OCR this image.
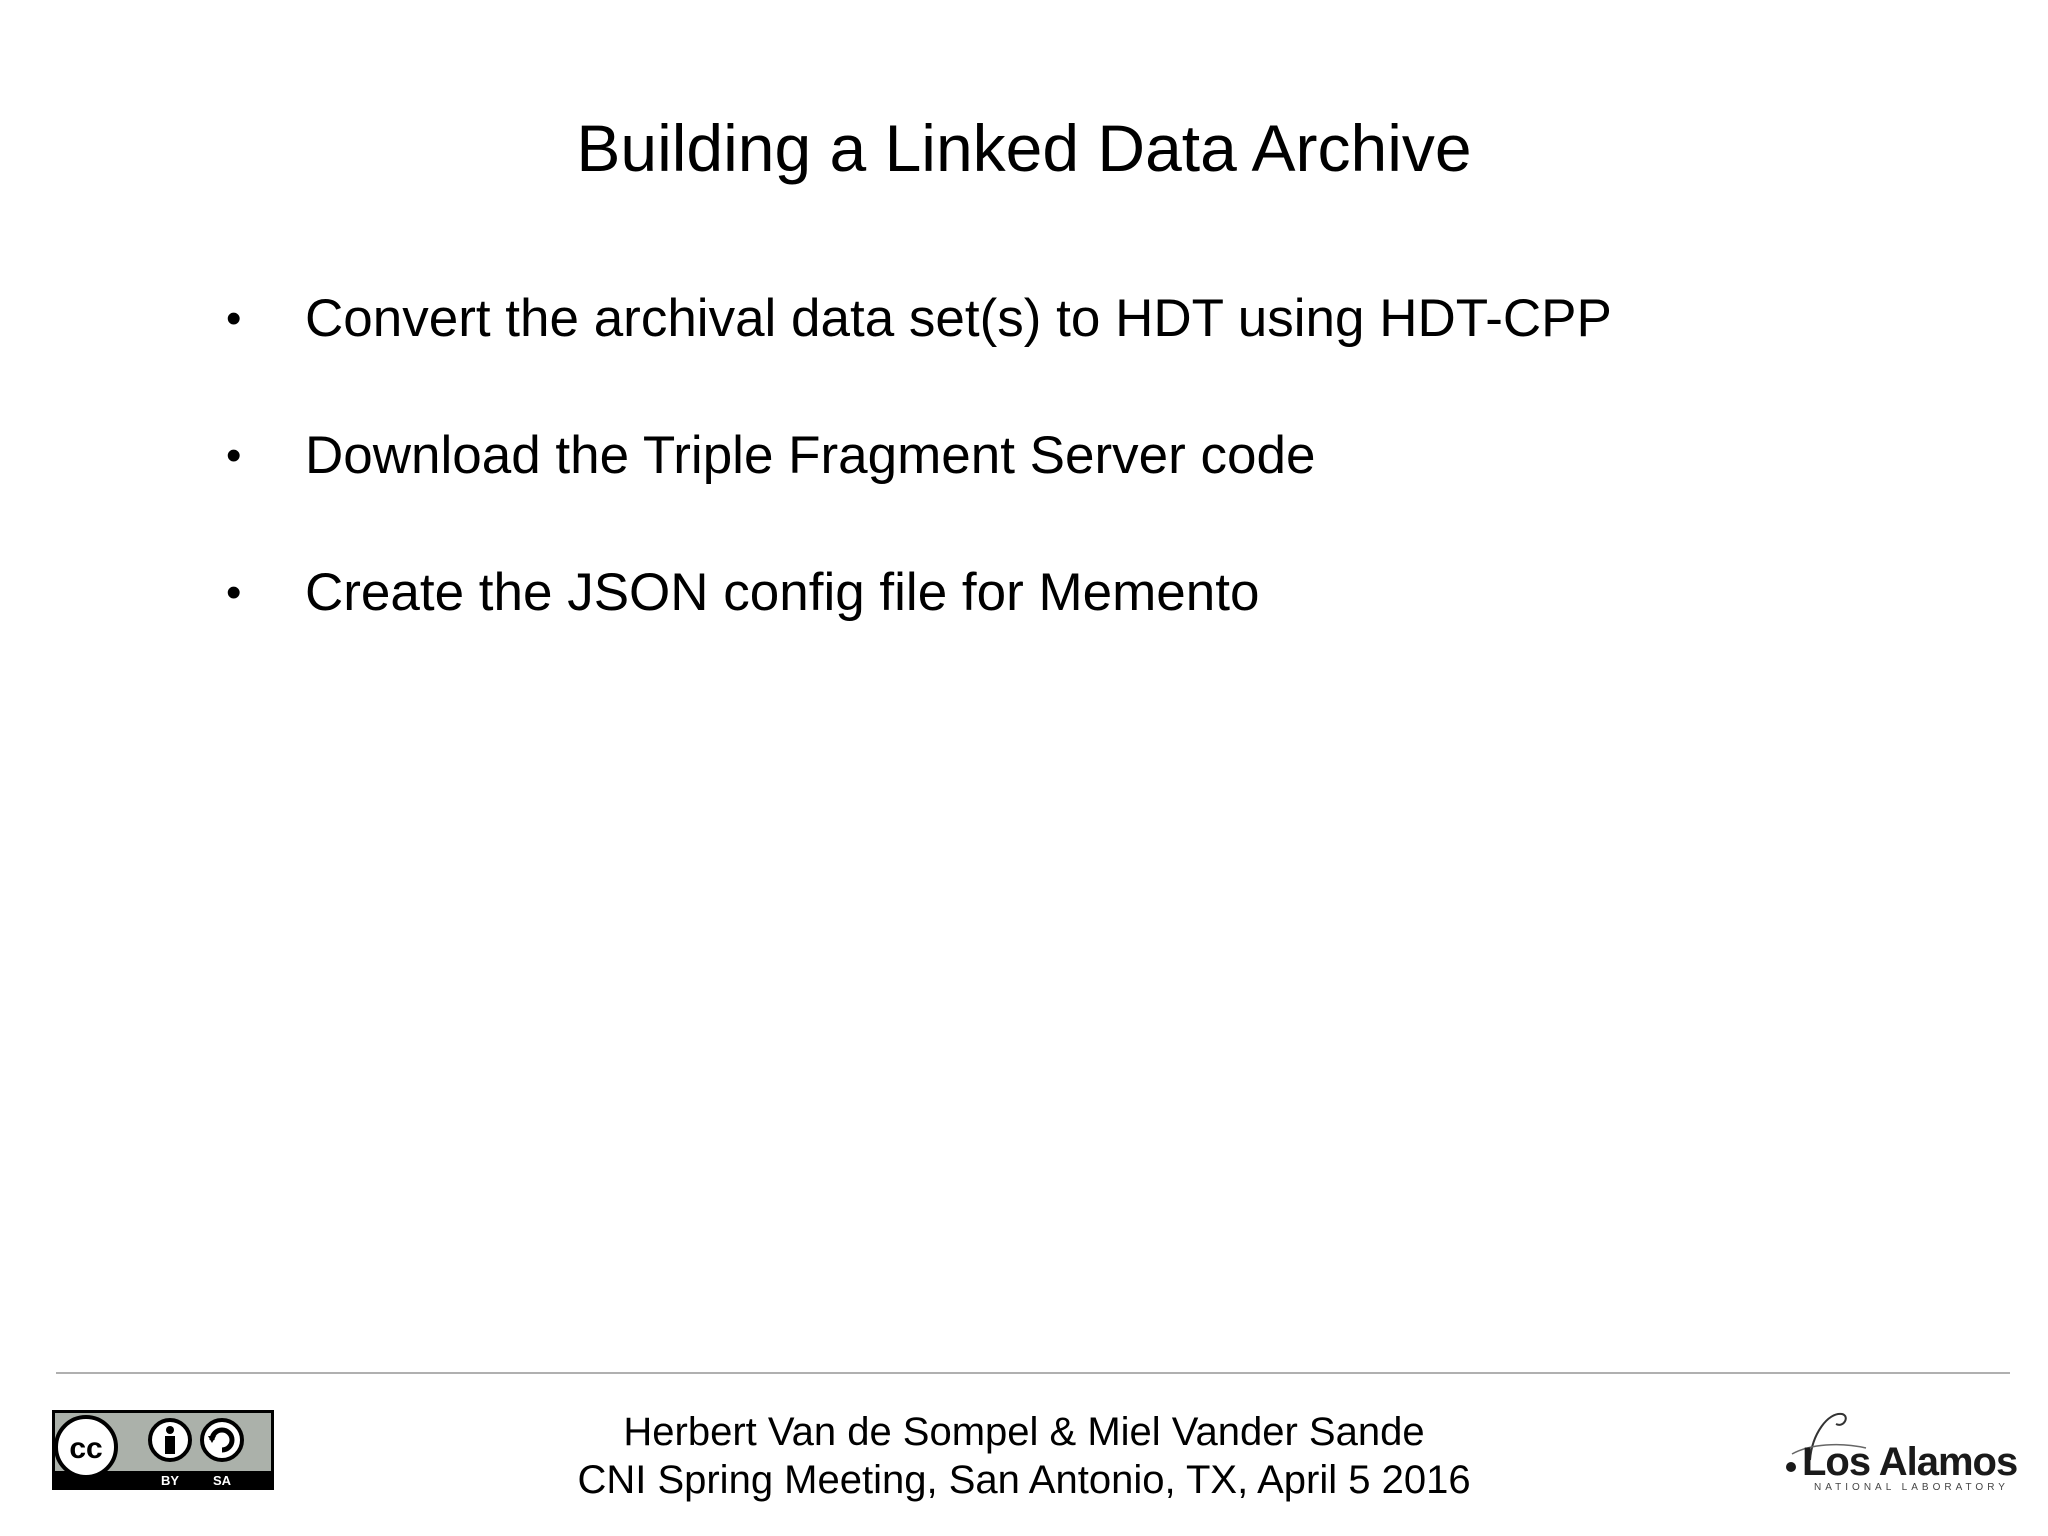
Building a Linked Data Archive
• Convert the archival data set(s) to HDT using HDT-CPP
• Download the Triple Fragment Server code
• Create the JSON config file for Memento
cc
BY	SA
Herbert Van de Sompel & Miel Vander Sande
CNI Spring Meeting, San Antonio, TX, April 5 2016	Los Alamos
NATIONAL LABORATORY
